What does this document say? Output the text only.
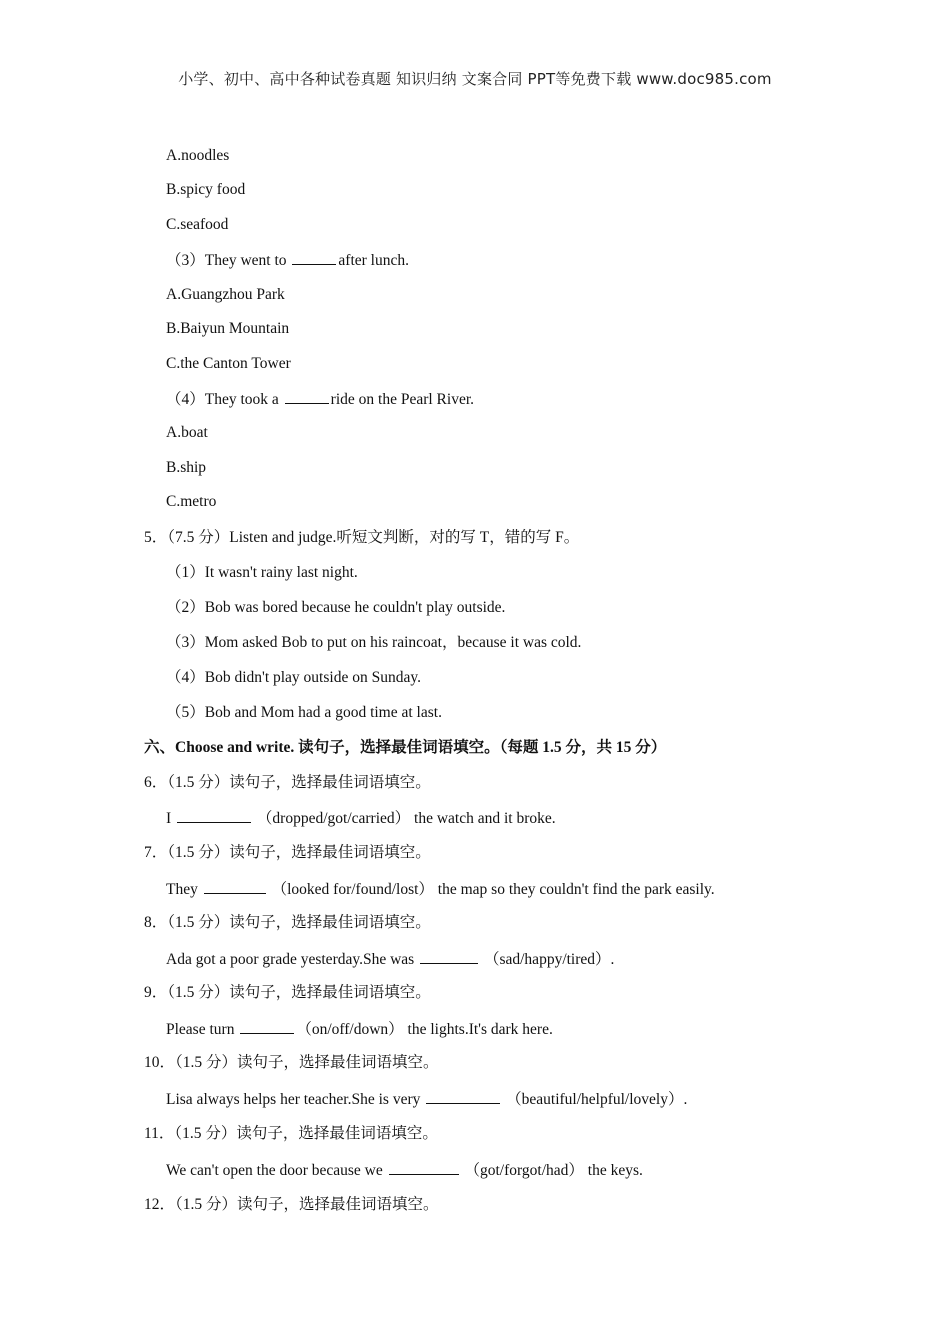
小学、初中、高中各种试卷真题 知识归纳 文案合同 PPT等免费下载 www.doc985.com
A.noodles
B.spicy food
C.seafood
（3）They went to	after lunch.
A.Guangzhou Park
B.Baiyun Mountain
C.the Canton Tower
（4）They took a	ride on the Pearl River.
A.boat
B.ship
C.metro
5．（7.5 分）Listen and judge.听短文判断，对的写 T，错的写 F。
（1）It wasn't rainy last night.
（2）Bob was bored because he couldn't play outside.
（3）Mom asked Bob to put on his raincoat，because it was cold.
（4）Bob didn't play outside on Sunday.
（5）Bob and Mom had a good time at last.
六、Choose and write. 读句子，选择最佳词语填空。（每题 1.5 分，共 15 分）
6．（1.5 分）读句子，选择最佳词语填空。
I	（dropped/got/carried） the watch and it broke.
7．（1.5 分）读句子，选择最佳词语填空。
They	（looked for/found/lost） the map so they couldn't find the park easily.
8．（1.5 分）读句子，选择最佳词语填空。
Ada got a poor grade yesterday.She was	（sad/happy/tired）.
9．（1.5 分）读句子，选择最佳词语填空。
Please turn	（on/off/down） the lights.It's dark here.
10．（1.5 分）读句子，选择最佳词语填空。
Lisa always helps her teacher.She is very	（beautiful/helpful/lovely）.
11．（1.5 分）读句子，选择最佳词语填空。
We can't open the door because we	（got/forgot/had） the keys.
12．（1.5 分）读句子，选择最佳词语填空。
